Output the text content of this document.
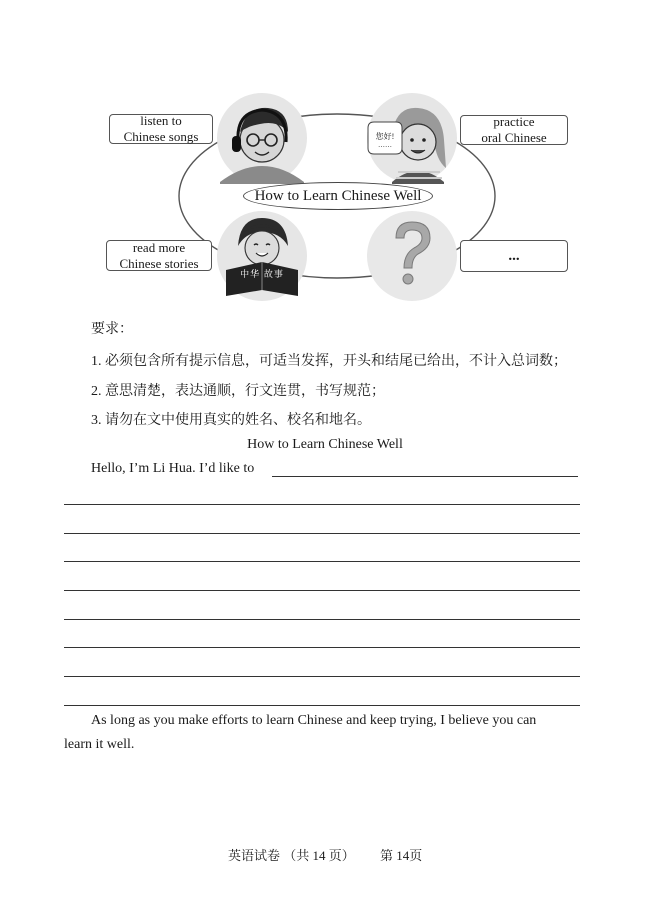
您好!
……
中华 故事
listen to
Chinese songs
practice
oral Chinese
read more
Chinese stories	...
How to Learn Chinese Well
要求：
1. 必须包含所有提示信息，可适当发挥，开头和结尾已给出，不计入总词数；
2. 意思清楚，表达通顺，行文连贯，书写规范；
3. 请勿在文中使用真实的姓名、校名和地名。
How to Learn Chinese Well
Hello, I’m Li Hua. I’d like to
As long as you make efforts to learn Chinese and keep trying, I believe you can
learn it well.
英语试卷 （共 14 页） 第 14页
